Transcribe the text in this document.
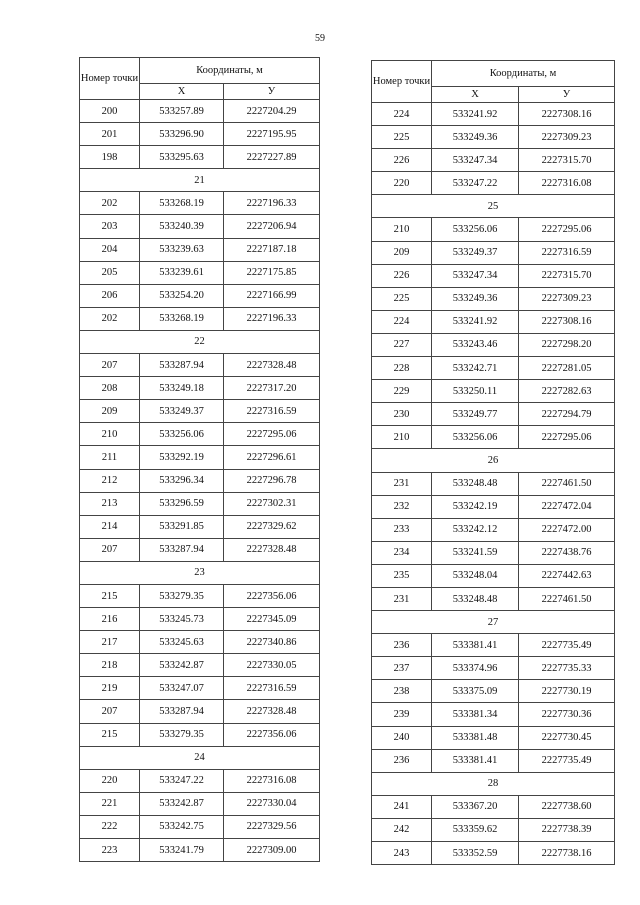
59
Номер точки	Координаты, м	
	X	У
200	533257.89	2227204.29
201	533296.90	2227195.95
198	533295.63	2227227.89
21		
202	533268.19	2227196.33
203	533240.39	2227206.94
204	533239.63	2227187.18
205	533239.61	2227175.85
206	533254.20	2227166.99
202	533268.19	2227196.33
22		
207	533287.94	2227328.48
208	533249.18	2227317.20
209	533249.37	2227316.59
210	533256.06	2227295.06
211	533292.19	2227296.61
212	533296.34	2227296.78
213	533296.59	2227302.31
214	533291.85	2227329.62
207	533287.94	2227328.48
23		
215	533279.35	2227356.06
216	533245.73	2227345.09
217	533245.63	2227340.86
218	533242.87	2227330.05
219	533247.07	2227316.59
207	533287.94	2227328.48
215	533279.35	2227356.06
24		
220	533247.22	2227316.08
221	533242.87	2227330.04
222	533242.75	2227329.56
223	533241.79	2227309.00
Номер точки	Координаты, м	
	X	У
224	533241.92	2227308.16
225	533249.36	2227309.23
226	533247.34	2227315.70
220	533247.22	2227316.08
25		
210	533256.06	2227295.06
209	533249.37	2227316.59
226	533247.34	2227315.70
225	533249.36	2227309.23
224	533241.92	2227308.16
227	533243.46	2227298.20
228	533242.71	2227281.05
229	533250.11	2227282.63
230	533249.77	2227294.79
210	533256.06	2227295.06
26		
231	533248.48	2227461.50
232	533242.19	2227472.04
233	533242.12	2227472.00
234	533241.59	2227438.76
235	533248.04	2227442.63
231	533248.48	2227461.50
27		
236	533381.41	2227735.49
237	533374.96	2227735.33
238	533375.09	2227730.19
239	533381.34	2227730.36
240	533381.48	2227730.45
236	533381.41	2227735.49
28		
241	533367.20	2227738.60
242	533359.62	2227738.39
243	533352.59	2227738.16
